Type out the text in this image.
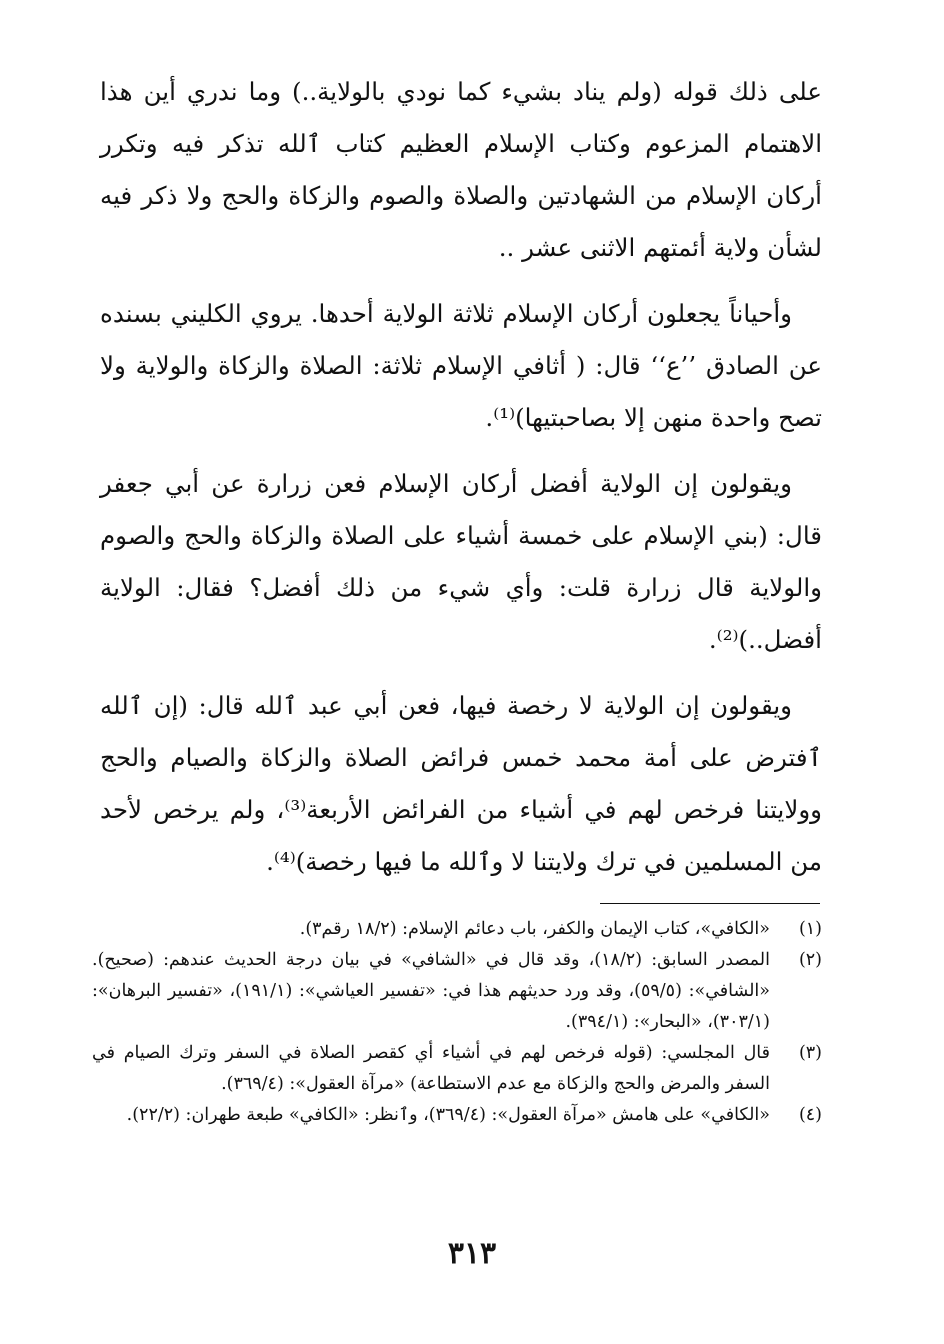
على ذلك قوله (ولم يناد بشيء كما نودي بالولاية..) وما ندري أين هذا الاهتمام المزعوم وكتاب الإسلام العظيم كتاب ٱلله تذكر فيه وتكرر أركان الإسلام من الشهادتين والصلاة والصوم والزكاة والحج ولا ذكر فيه لشأن ولاية أئمتهم الاثنى عشر ..

وأحياناً يجعلون أركان الإسلام ثلاثة الولاية أحدها. يروي الكليني بسنده عن الصادق ’’ع‘‘ قال: ( أثافي الإسلام ثلاثة: الصلاة والزكاة والولاية ولا تصح واحدة منهن إلا بصاحبتيها)⁽¹⁾.

ويقولون إن الولاية أفضل أركان الإسلام فعن زرارة عن أبي جعفر قال: (بني الإسلام على خمسة أشياء على الصلاة والزكاة والحج والصوم والولاية قال زرارة قلت: وأي شيء من ذلك أفضل؟ فقال: الولاية أفضل..)⁽²⁾.

ويقولون إن الولاية لا رخصة فيها، فعن أبي عبد ٱلله قال: (إن ٱلله ٱفترض على أمة محمد خمس فرائض الصلاة والزكاة والصيام والحج وولايتنا فرخص لهم في أشياء من الفرائض الأربعة⁽³⁾، ولم يرخص لأحد من المسلمين في ترك ولايتنا لا وٱلله ما فيها رخصة)⁽⁴⁾.

(١)
«الكافي»، كتاب الإيمان والكفر، باب دعائم الإسلام: (١٨/٢ رقم٣).
(٢)
المصدر السابق: (١٨/٢)، وقد قال في «الشافي» في بيان درجة الحديث عندهم: (صحيح). «الشافي»: (٥٩/٥)، وقد ورد حديثهم هذا في: «تفسير العياشي»: (١٩١/١)، «تفسير البرهان»: (٣٠٣/١)، «البحار»: (٣٩٤/١).
(٣)
قال المجلسي: (قوله فرخص لهم في أشياء أي كقصر الصلاة في السفر وترك الصيام في السفر والمرض والحج والزكاة مع عدم الاستطاعة) «مرآة العقول»: (٣٦٩/٤).
(٤)
«الكافي» على هامش «مرآة العقول»: (٣٦٩/٤)، وٱنظر: «الكافي» طبعة طهران: (٢٢/٢).
٣١٣
